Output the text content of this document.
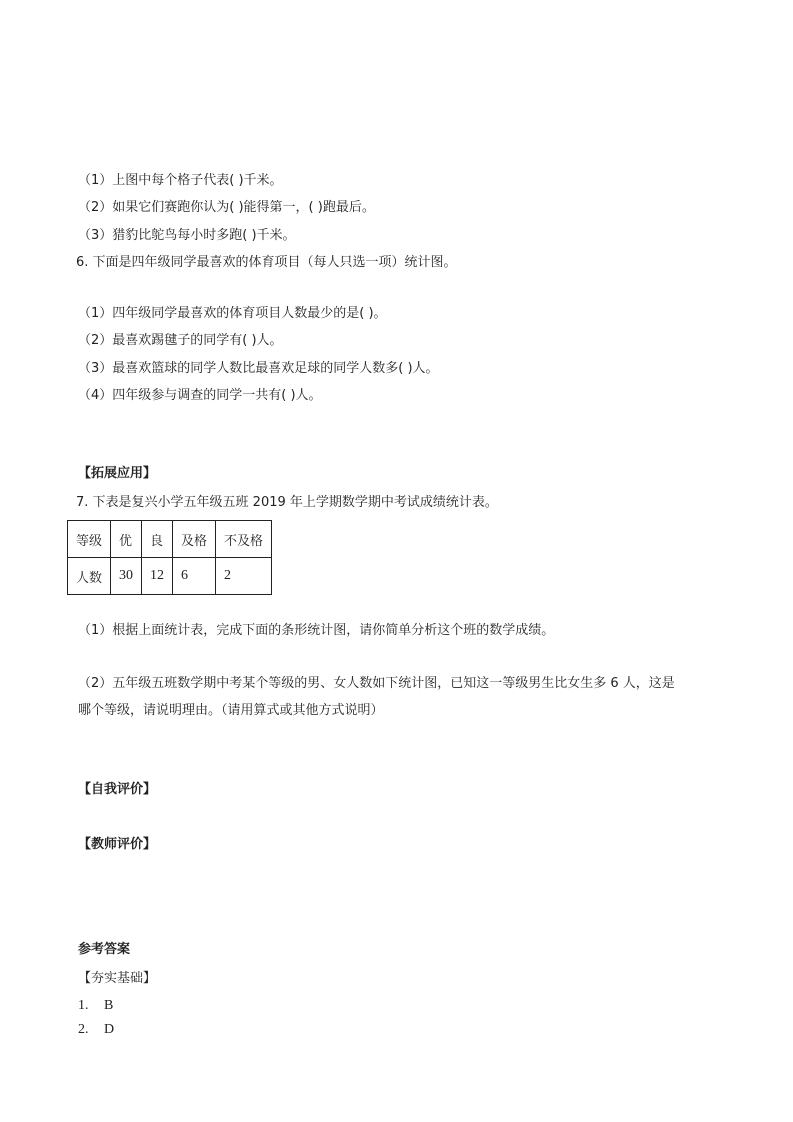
（1）上图中每个格子代表( )千米。
（2）如果它们赛跑你认为( )能得第一，( )跑最后。
（3）猎豹比鸵鸟每小时多跑( )千米。
6. 下面是四年级同学最喜欢的体育项目（每人只选一项）统计图。
（1）四年级同学最喜欢的体育项目人数最少的是( )。
（2）最喜欢踢毽子的同学有( )人。
（3）最喜欢篮球的同学人数比最喜欢足球的同学人数多( )人。
（4）四年级参与调查的同学一共有( )人。
【拓展应用】
7. 下表是复兴小学五年级五班 2019 年上学期数学期中考试成绩统计表。
等级	优	良	及格	不及格
人数	30	12	6	2
（1）根据上面统计表，完成下面的条形统计图，请你简单分析这个班的数学成绩。
（2）五年级五班数学期中考某个等级的男、女人数如下统计图，已知这一等级男生比女生多 6 人，这是
哪个等级，请说明理由。（请用算式或其他方式说明）
【自我评价】
【教师评价】
参考答案
【夯实基础】
1. B
2. D
